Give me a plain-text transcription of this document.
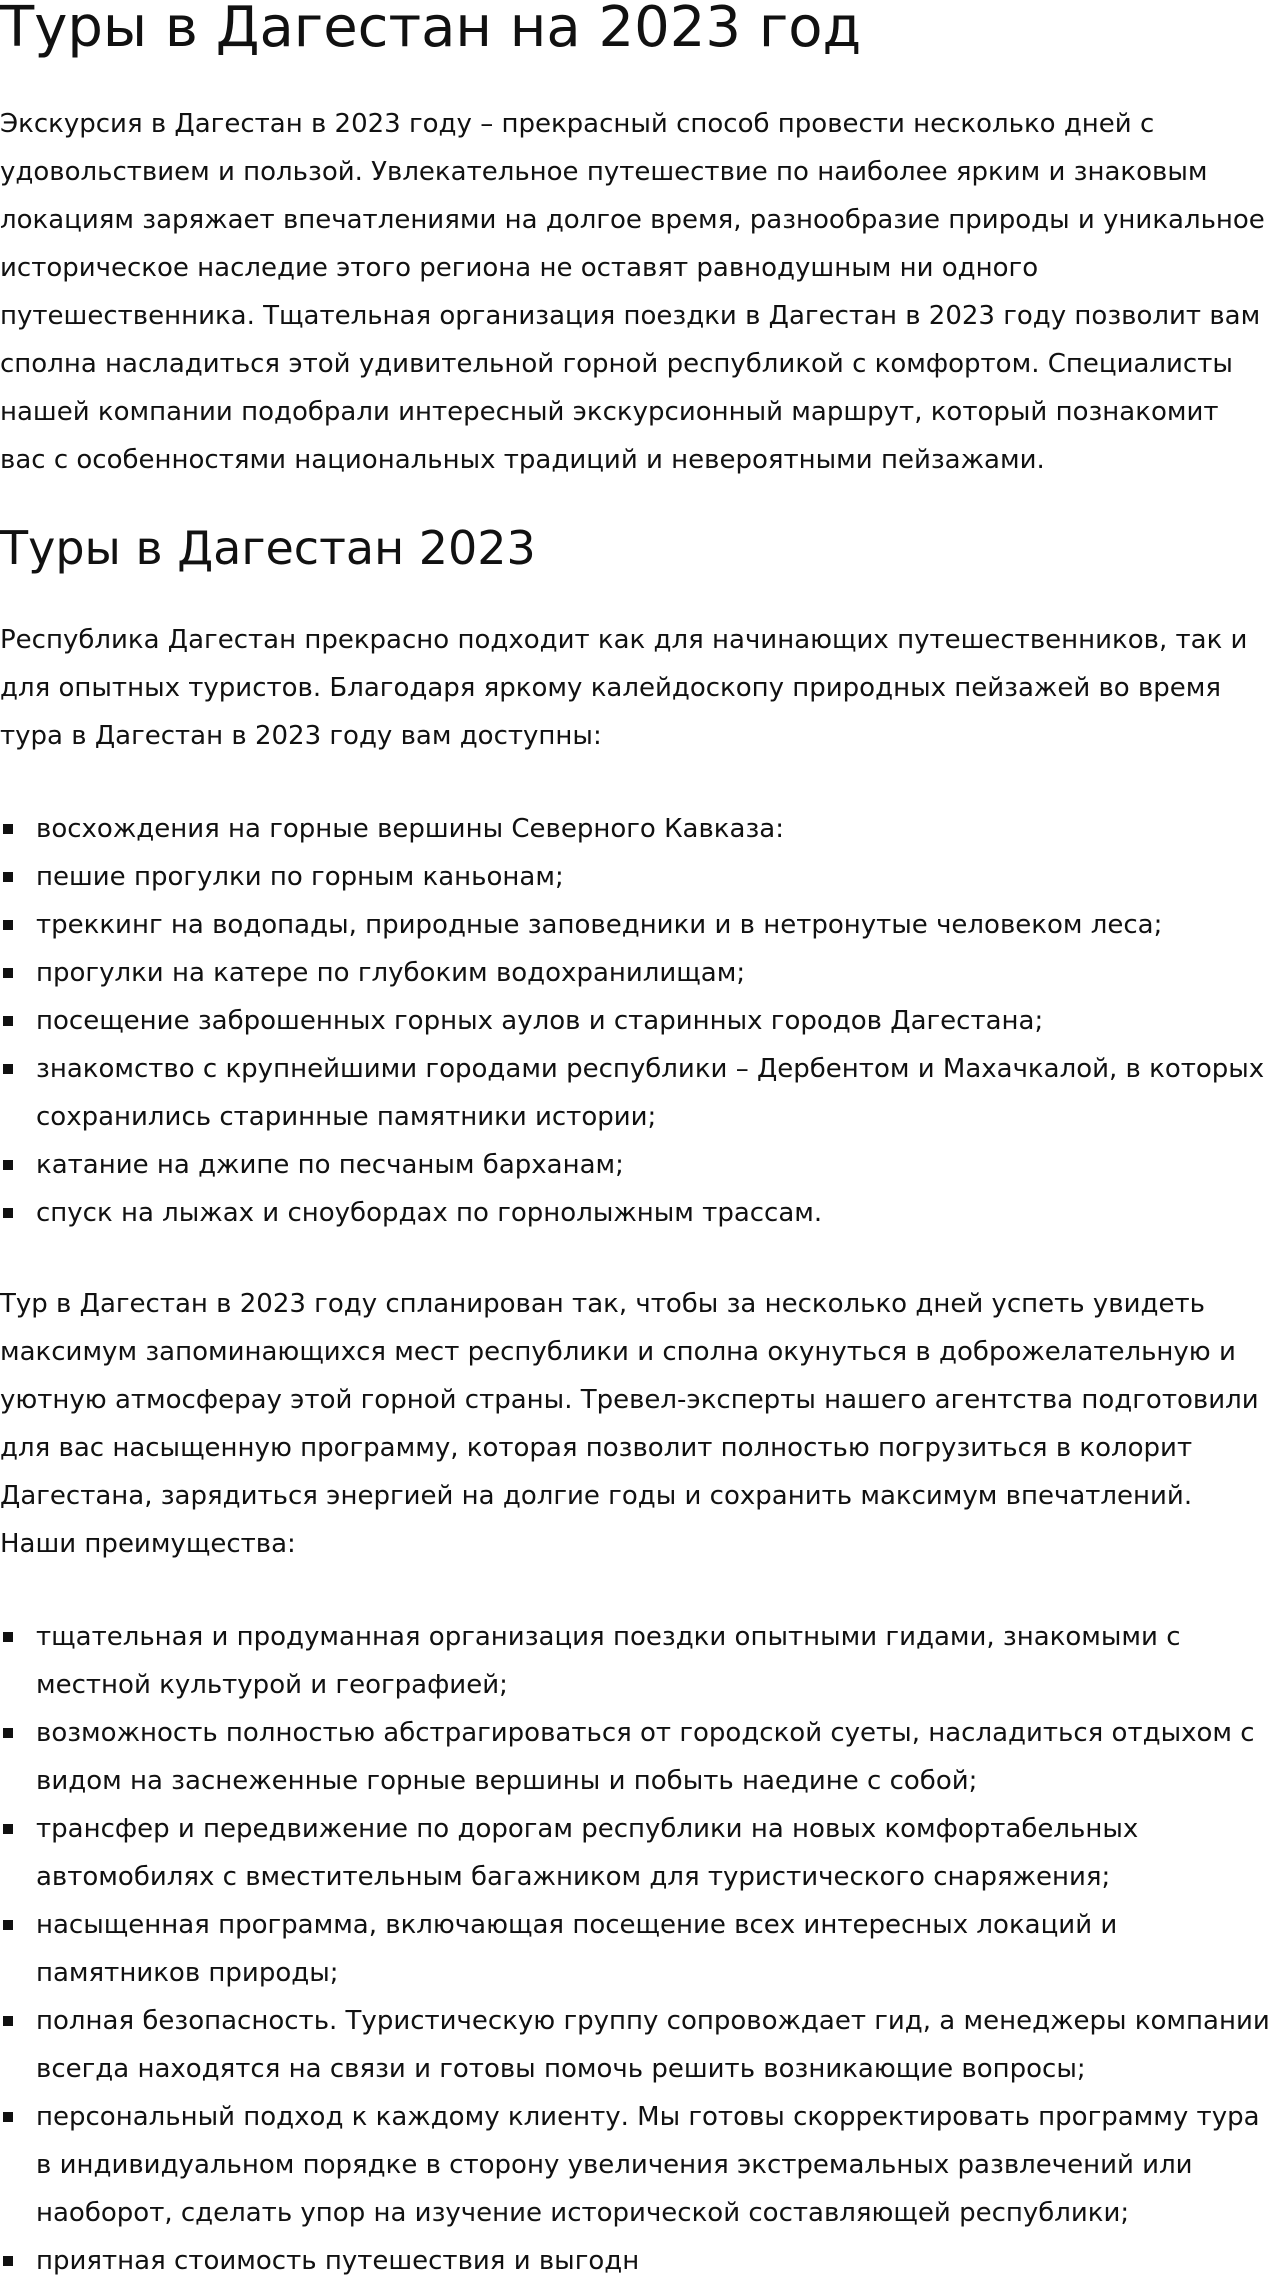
Туры в Дагестан на 2023 год

Экскурсия в Дагестан в 2023 году – прекрасный способ провести несколько дней с удовольствием и пользой. Увлекательное путешествие по наиболее ярким и знаковым локациям заряжает впечатлениями на долгое время, разнообразие природы и уникальное историческое наследие этого региона не оставят равнодушным ни одного путешественника. Тщательная организация поездки в Дагестан в 2023 году позволит вам сполна насладиться этой удивительной горной республикой с комфортом. Специалисты нашей компании подобрали интересный экскурсионный маршрут, который познакомит вас с особенностями национальных традиций и невероятными пейзажами.

Туры в Дагестан 2023

Республика Дагестан прекрасно подходит как для начинающих путешественников, так и для опытных туристов. Благодаря яркому калейдоскопу природных пейзажей во время тура в Дагестан в 2023 году вам доступны:

восхождения на горные вершины Северного Кавказа:
пешие прогулки по горным каньонам;
треккинг на водопады, природные заповедники и в нетронутые человеком леса;
прогулки на катере по глубоким водохранилищам;
посещение заброшенных горных аулов и старинных городов Дагестана;
знакомство с крупнейшими городами республики – Дербентом и Махачкалой, в которых сохранились старинные памятники истории;
катание на джипе по песчаным барханам;
спуск на лыжах и сноубордах по горнолыжным трассам.

Тур в Дагестан в 2023 году спланирован так, чтобы за несколько дней успеть увидеть максимум запоминающихся мест республики и сполна окунуться в доброжелательную и уютную атмосферау этой горной страны. Тревел-эксперты нашего агентства подготовили для вас насыщенную программу, которая позволит полностью погрузиться в колорит Дагестана, зарядиться энергией на долгие годы и сохранить максимум впечатлений. Наши преимущества:

тщательная и продуманная организация поездки опытными гидами, знакомыми с местной культурой и географией;
возможность полностью абстрагироваться от городской суеты, насладиться отдыхом с видом на заснеженные горные вершины и побыть наедине с собой;
трансфер и передвижение по дорогам республики на новых комфортабельных автомобилях с вместительным багажником для туристического снаряжения;
насыщенная программа, включающая посещение всех интересных локаций и памятников природы;
полная безопасность. Туристическую группу сопровождает гид, а менеджеры компании всегда находятся на связи и готовы помочь решить возникающие вопросы;
персональный подход к каждому клиенту. Мы готовы скорректировать программу тура в индивидуальном порядке в сторону увеличения экстремальных развлечений или наоборот, сделать упор на изучение исторической составляющей республики;
приятная стоимость путешествия и выгодн
